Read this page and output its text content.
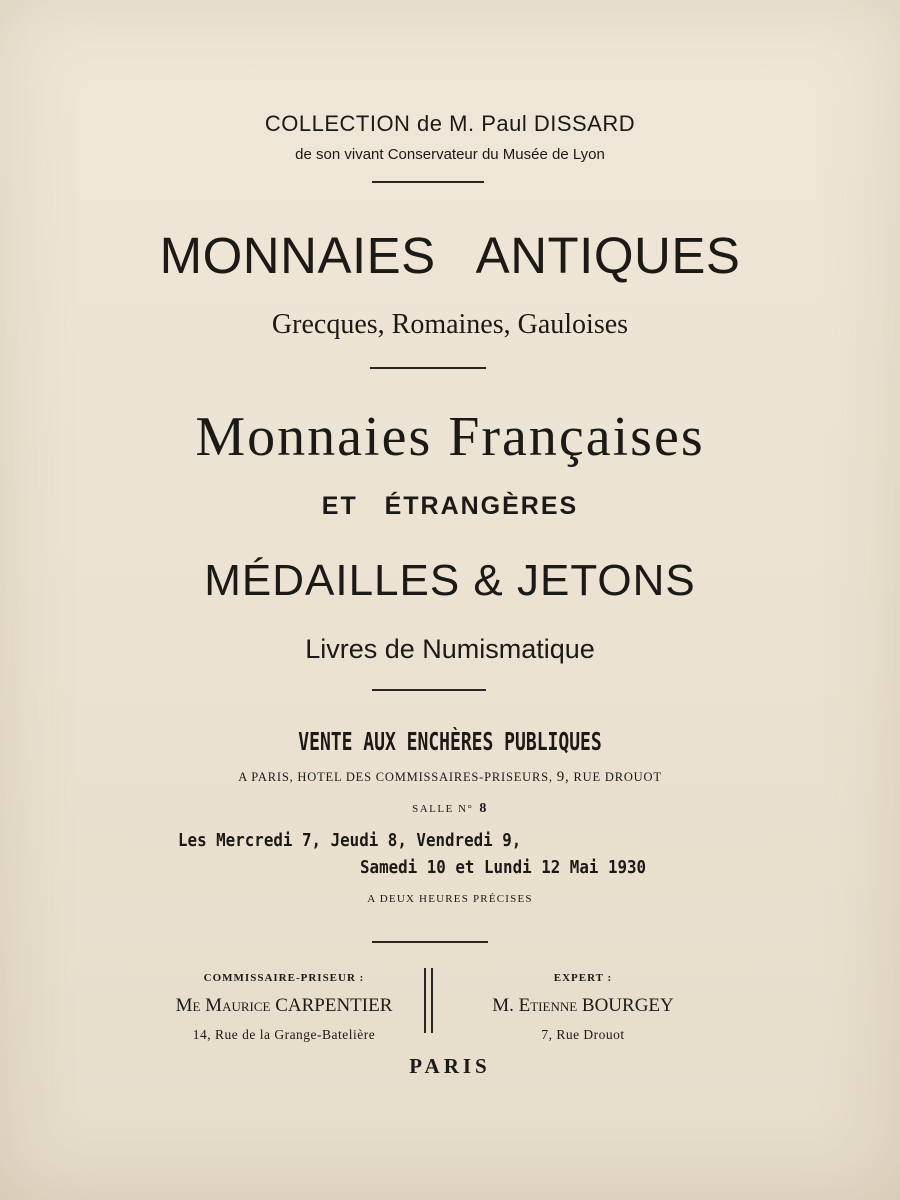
COLLECTION de M. Paul DISSARD
de son vivant Conservateur du Musée de Lyon
MONNAIES ANTIQUES
Grecques, Romaines, Gauloises
Monnaies Françaises
ET ÉTRANGÈRES
MÉDAILLES & JETONS
Livres de Numismatique
VENTE AUX ENCHÈRES PUBLIQUES
A PARIS, HOTEL DES COMMISSAIRES-PRISEURS, 9, RUE DROUOT
SALLE N° 8
Les Mercredi 7, Jeudi 8, Vendredi 9,
Samedi 10 et Lundi 12 Mai 1930
A DEUX HEURES PRÉCISES
COMMISSAIRE-PRISEUR :
Me Maurice CARPENTIER
14, Rue de la Grange-Batelière
EXPERT :
M. Etienne BOURGEY
7, Rue Drouot
PARIS
